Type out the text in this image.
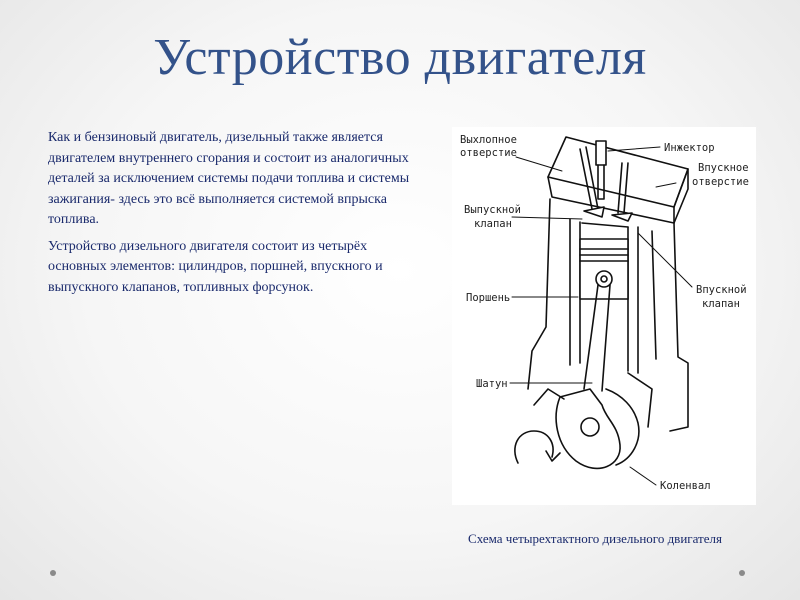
Устройство двигателя

Как и бензиновый двигатель, дизельный также является двигателем внутреннего сгорания и состоит из аналогичных деталей за исключением системы подачи топлива и системы зажигания- здесь это всё выполняется системой впрыска топлива.

Устройство дизельного двигателя состоит из четырёх основных элементов: цилиндров, поршней, впускного и выпускного клапанов, топливных форсунок.

Выхлопное
отверстие	Инжектор
Впускное
отверстие
Выпускной
клапан
Поршень
Впускной
клапан
Шатун
Коленвал
Схема четырехтактного дизельного двигателя
